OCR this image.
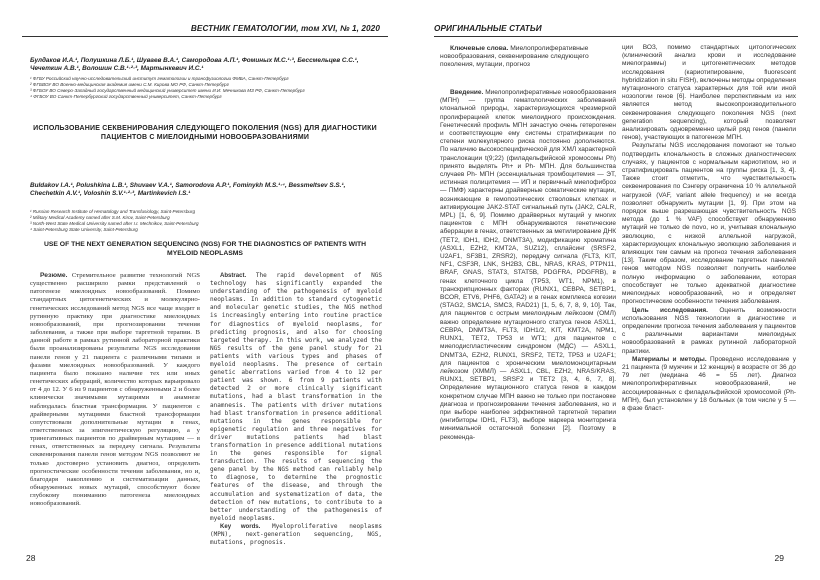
ВЕСТНИК ГЕМАТОЛОГИИ, том XVI, № 1, 2020
Булдаков И.А.¹, Полушкина Л.Б.¹, Шуваев В.А.¹, Самородова А.П.¹, Фоминых М.С.¹·³, Бессмельцев С.С.¹, Чечеткин А.В.¹, Волошин С.В.¹·²·³, Мартынкевич И.С.¹
¹ ФГБУ Российский научно-исследовательский институт гематологии и трансфузиологии ФМБА, Санкт-Петербург
² ФГБВОУ ВО Военно-медицинская академия имени С.М. Кирова МО РФ, Санкт-Петербург
³ ФГБОУ ВО Северо-Западный государственный медицинский университет имени И.И. Мечникова МЗ РФ, Санкт-Петербург
⁴ ФГБОУ ВО Санкт-Петербургский государственный университет, Санкт-Петербург
ИСПОЛЬЗОВАНИЕ СЕКВЕНИРОВАНИЯ СЛЕДУЮЩЕГО ПОКОЛЕНИЯ (NGS) ДЛЯ ДИАГНОСТИКИ ПАЦИЕНТОВ С МИЕЛОИДНЫМИ НОВООБРАЗОВАНИЯМИ
Buldakov I.A.¹, Polushkina L.B.¹, Shuvaev V.A.¹, Samorodova A.P.¹, Fominykh M.S.¹·⁴, Bessmeltsev S.S.¹, Chechetkin A.V.¹, Voloshin S.V.¹·²·³, Martinkevich I.S.¹
¹ Russian Research Institute of Hematology and Transfusiology, Saint-Petersburg
² Military Medical Academy named after S.M. Kirov, Saint-Petersburg
³ North-West State Medical University named after I.I. Mechnikov, Saint-Petersburg
⁴ Saint-Petersburg State University, Saint-Petersburg
USE OF THE NEXT GENERATION SEQUENCING (NGS) FOR THE DIAGNOSTICS OF PATIENTS WITH MYELOID NEOPLASMS

Резюме. Стремительное развитие технологий NGS существенно расширило рамки представлений о патогенезе миелоидных новообразований. Помимо стандартных цитогенетических и молекулярно-генетических исследований метод NGS все чаще входит в рутинную практику при диагностике миелоидных новообразований, при прогнозировании течения заболевания, а также при выборе таргетной терапии. В данной работе в рамках рутинной лабораторной практики были проанализированы результаты NGS исследования панели генов у 21 пациента с различными типами и фазами миелоидных новообразований. У каждого пациента было показано наличие тех или иных генетических аберраций, количество которых варьировало от 4 до 12. У 6 из 9 пациентов с обнаруженными 2 и более клинически значимыми мутациями в анамнезе наблюдалась бластная трансформация. У пациентов с драйверными мутациями бластной трансформации сопутствовали дополнительные мутации в генах, ответственных за эпигенетическую регуляцию, а у тринегативных пациентов по драйверным мутациям — в генах, ответственных за передачу сигнала. Результаты секвенирования панели генов методом NGS позволяют не только достоверно установить диагноз, определить прогностические особенности течения заболевания, но и, благодаря накоплению и систематизации данных, обнаруженных новых мутаций, способствуют более глубокому пониманию патогенеза миелоидных новообразований.

Abstract. The rapid development of NGS technology has significantly expanded the understanding of the pathogenesis of myeloid neoplasms. In addition to standard cytogenetic and molecular genetic studies, the NGS method is increasingly entering into routine practice for diagnostics of myeloid neoplasms, for predicting prognosis, and also for choosing targeted therapy. In this work, we analyzed the NGS results of the gene panel study for 21 patients with various types and phases of myeloid neoplasms. The presence of certain genetic aberrations varied from 4 to 12 per patient was shown. 6 from 9 patients with detected 2 or more clinically significant mutations, had a blast transformation in the anamnesis. The patients with driver mutations had blast transformation in presence additional mutations in the genes responsible for epigenetic regulation and three negatives for driver mutations patients had blast transformation in presence additional mutations in the genes responsible for signal transduction. The results of sequencing the gene panel by the NGS method can reliably help to diagnose, to determine the prognostic features of the disease, and through the accumulation and systematization of data, the detection of new mutations, to contribute to a better understanding of the pathogenesis of myeloid neoplasms.

Key words. Myeloproliferative neoplasms (MPN), next-generation sequencing, NGS, mutations, prognosis.

28
ОРИГИНАЛЬНЫЕ СТАТЬИ

Ключевые слова. Миелопролиферативные новообразования, секвенирование следующего поколения, мутации, прогноз

Введение. Миелопролиферативные новообразования (МПН) — группа гематологических заболеваний клональной природы, характеризующихся чрезмерной пролиферацией клеток миелоидного происхождения. Генетический профиль МПН зачастую очень гетерогенен и соответствующие ему системы стратификации по степени молекулярного риска постоянно дополняются. По наличию высокоспецифической для ХМЛ характерной транслокации t(9;22) (филадельфийской хромосомы Ph) принято выделять Ph+ и Ph- МПН. Для большинства случаев Ph- МПН (эссенциальная тромбоцитемия — ЭТ, истинная полицитемия — ИП и первичный миелофиброз — ПМФ) характерны драйверные соматические мутации, возникающие в гемопоэтических стволовых клетках и активирующие JAK2-STAT сигнальный путь (JAK2, CALR, MPL) [1, 6, 9]. Помимо драйверных мутаций у многих пациентов с МПН обнаруживаются генетические аберрации в генах, ответственных за метилирование ДНК (TET2, IDH1, IDH2, DNMT3A), модификацию хроматина (ASXL1, EZH2, KMT2A, SUZ12), сплайсинг (SRSF2, U2AF1, SF3B1, ZRSR2), передачу сигнала (FLT3, KIT, NF1, CSF3R, LNK, SH2B3, CBL, NRAS, KRAS, PTPN11, BRAF, GNAS, STAT3, STAT5B, PDGFRA, PDGFRB), в генах клеточного цикла (TP53, WT1, NPM1), в транскрипционных факторах (RUNX1, CEBPA, SETBP1, BCOR, ETV6, PHF6, GATA2) и в генах комплекса когезии (STAG2, SMC1A, SMC3, RAD21) [1, 5, 6, 7, 8, 9, 10]. Так, для пациентов с острым миелоидным лейкозом (ОМЛ) важно определение мутационного статуса генов ASXL1, CEBPA, DNMT3A, FLT3, IDH1/2, KIT, KMT2A, NPM1, RUNX1, TET2, TP53 и WT1; для пациентов с миелодиспластическим синдромом (МДС) — ASXL1, DNMT3A, EZH2, RUNX1, SRSF2, TET2, TP53 и U2AF1; для пациентов с хроническим миеломоноцитарным лейкозом (ХММЛ) — ASXL1, CBL, EZH2, NRAS/KRAS, RUNX1, SETBP1, SRSF2 и TET2 [3, 4, 6, 7, 8]. Определение мутационного статуса генов в каждом конкретном случае МПН важно не только при постановке диагноза и прогнозировании течения заболевания, но и при выборе наиболее эффективной таргетной терапии (ингибиторы IDH1, FLT3), выборе маркера мониторинга минимальной остаточной болезни [2]. Поэтому в рекоменда-

ции ВОЗ, помимо стандартных цитологических (клинический анализ крови и исследование миелограммы) и цитогенетических методов исследования (кариотипирование, fluorescent hybridization in situ FISH), включены методы определения мутационного статуса характерных для той или иной нозологии генов [6]. Наиболее перспективным из них является метод высокопроизводительного секвенирования следующего поколения NGS (next generation sequencing), который позволяет анализировать одновременно целый ряд генов (панели генов), участвующих в патогенезе МПН.

Результаты NGS исследования помогают не только подтвердить клональность в сложных диагностических случаях, у пациентов с нормальным кариотипом, но и стратифицировать пациентов на группы риска [1, 3, 4]. Также стоит отметить, что чувствительность секвенирования по Сэнгеру ограничена 10 % аллельной нагрузкой (VAF, variant allele frequency) и не всегда позволяет обнаружить мутации [1, 9]. При этом на порядок выше разрешающая чувствительность NGS метода (до 1 % VAF) способствует обнаружению мутаций не только de novo, но и, учитывая клональную эволюцию, с низкой аллельной нагрузкой, характеризующих клональную эволюцию заболевания и влияющих тем самым на прогноз течения заболевания [13]. Таким образом, исследование таргетных панелей генов методом NGS позволяет получить наиболее полную информацию о заболевании, которая способствует не только адекватной диагностике миелоидных новообразований, но и определяет прогностические особенности течения заболевания.

Цель исследования. Оценить возможности использования NGS технологии в диагностике и определении прогноза течения заболевания у пациентов с различными вариантами миелоидных новообразований в рамках рутинной лабораторной практики.

Материалы и методы. Проведено исследование у 21 пациента (9 мужчин и 12 женщин) в возрасте от 36 до 79 лет (медиана 46 = 55 лет). Диагноз миелопролиферативных новообразований, не ассоциированных с филадельфийской хромосомой (Ph- МПН), был установлен у 18 больных (в том числе у 5 — в фазе бласт-

29
